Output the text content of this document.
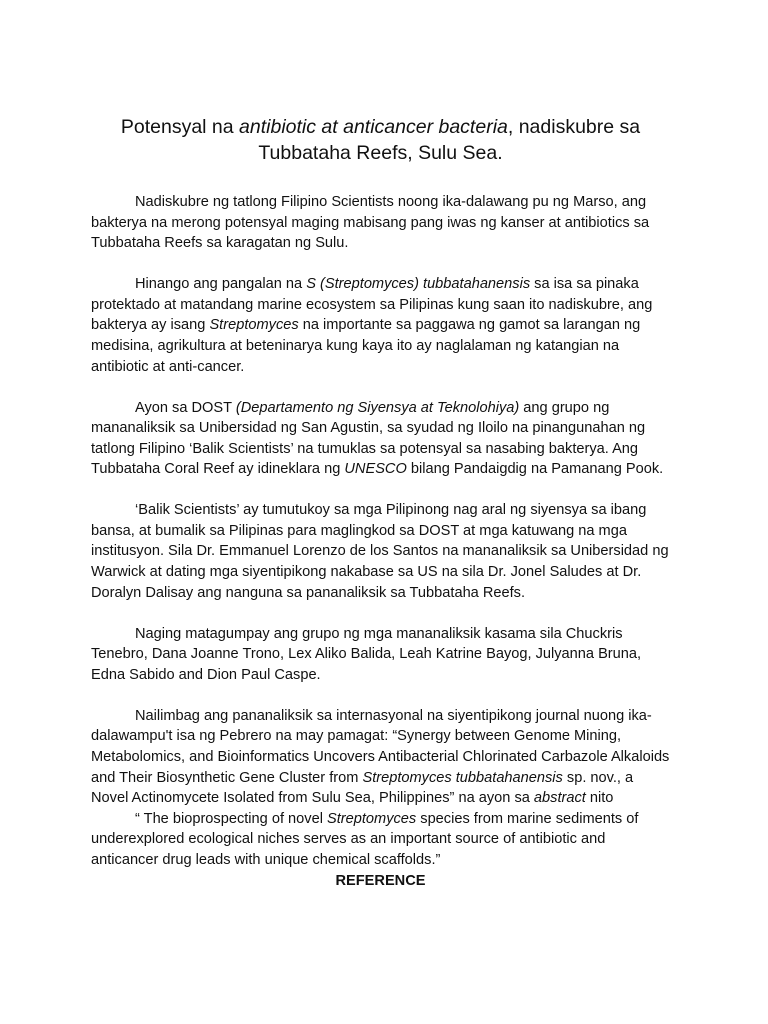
Potensyal na antibiotic at anticancer bacteria, nadiskubre sa Tubbataha Reefs, Sulu Sea.

Nadiskubre ng tatlong Filipino Scientists noong ika-dalawang pu ng Marso, ang bakterya na merong potensyal maging mabisang pang iwas ng kanser at antibiotics sa Tubbataha Reefs sa karagatan ng Sulu.

Hinango ang pangalan na S (Streptomyces) tubbatahanensis sa isa sa pinaka protektado at matandang marine ecosystem sa Pilipinas kung saan ito nadiskubre, ang bakterya ay isang Streptomyces na importante sa paggawa ng gamot sa larangan ng medisina, agrikultura at beteninarya kung kaya ito ay naglalaman ng katangian na antibiotic at anti-cancer.

Ayon sa DOST (Departamento ng Siyensya at Teknolohiya) ang grupo ng mananaliksik sa Unibersidad ng San Agustin, sa syudad ng Iloilo na pinangunahan ng tatlong Filipino ‘Balik Scientists’ na tumuklas sa potensyal sa nasabing bakterya. Ang Tubbataha Coral Reef ay idineklara ng UNESCO bilang Pandaigdig na Pamanang Pook.

‘Balik Scientists’ ay tumutukoy sa mga Pilipinong nag aral ng siyensya sa ibang bansa, at bumalik sa Pilipinas para maglingkod sa DOST at mga katuwang na mga institusyon. Sila Dr. Emmanuel Lorenzo de los Santos na mananaliksik sa Unibersidad ng Warwick at dating mga siyentipikong nakabase sa US na sila Dr. Jonel Saludes at Dr. Doralyn Dalisay ang nanguna sa pananaliksik sa Tubbataha Reefs.

Naging matagumpay ang grupo ng mga mananaliksik kasama sila Chuckris Tenebro, Dana Joanne Trono, Lex Aliko Balida, Leah Katrine Bayog, Julyanna Bruna, Edna Sabido and Dion Paul Caspe.

Nailimbag ang pananaliksik sa internasyonal na siyentipikong journal nuong ika-dalawampu't isa ng Pebrero na may pamagat: “Synergy between Genome Mining, Metabolomics, and Bioinformatics Uncovers Antibacterial Chlorinated Carbazole Alkaloids and Their Biosynthetic Gene Cluster from Streptomyces tubbatahanensis sp. nov., a Novel Actinomycete Isolated from Sulu Sea, Philippines” na ayon sa abstract nito

“ The bioprospecting of novel Streptomyces species from marine sediments of underexplored ecological niches serves as an important source of antibiotic and anticancer drug leads with unique chemical scaffolds.”

REFERENCE
